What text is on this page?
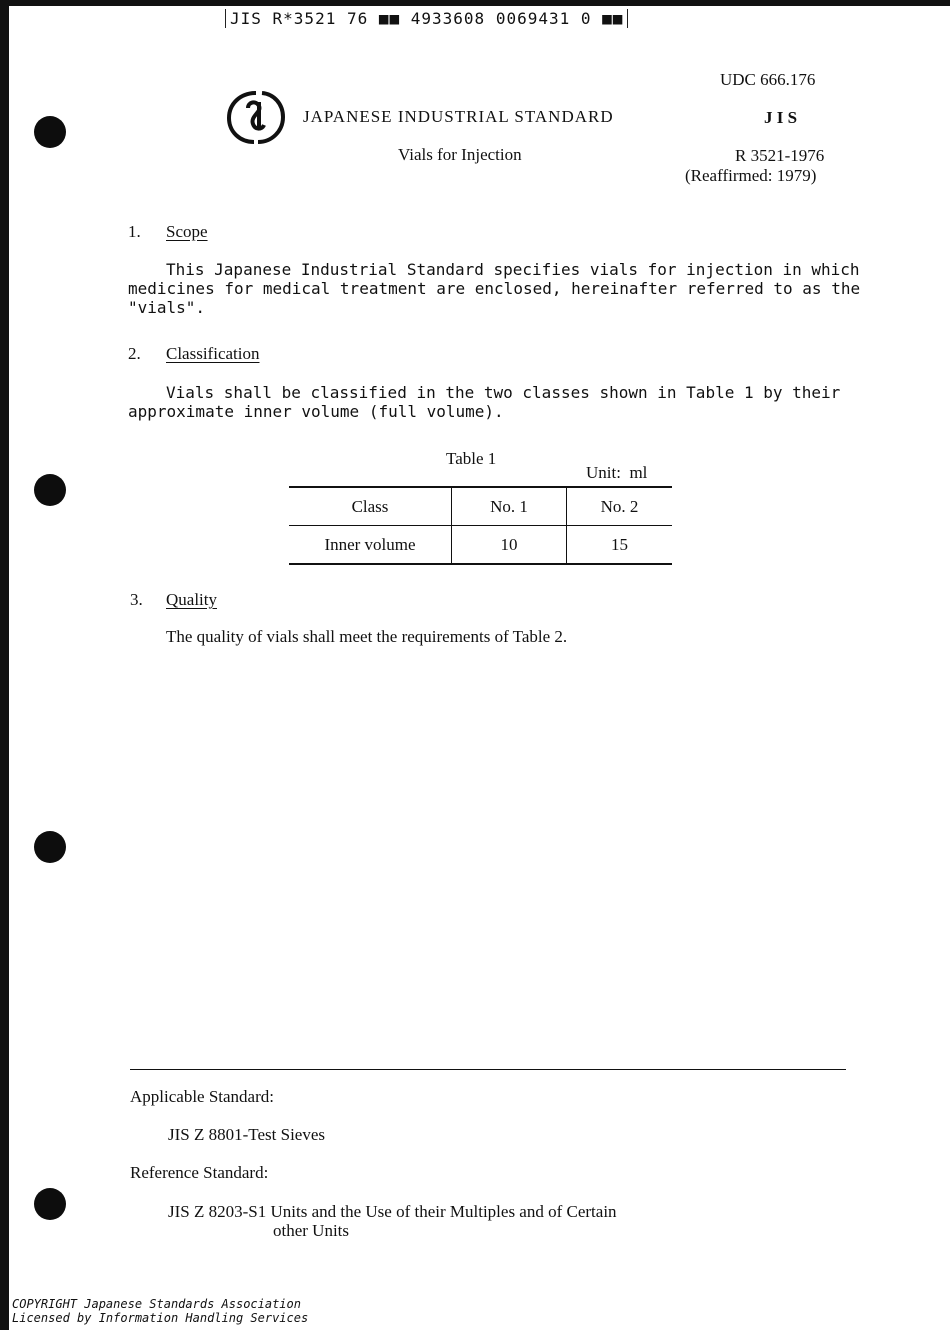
JIS R*3521 76 ■■ 4933608 0069431 0 ■■
UDC 666.176
JAPANESE INDUSTRIAL STANDARD	J I S
Vials for Injection	R 3521-1976
(Reaffirmed: 1979)
1. Scope
This Japanese Industrial Standard specifies vials for injection in which
medicines for medical treatment are enclosed, hereinafter referred to as the
"vials".
2. Classification
Vials shall be classified in the two classes shown in Table 1 by their
approximate inner volume (full volume).
Table 1
Unit:  ml
Class	No. 1	No. 2
Inner volume	10	15
3. Quality
The quality of vials shall meet the requirements of Table 2.
Applicable Standard:
JIS Z 8801-Test Sieves
Reference Standard:
JIS Z 8203-S1 Units and the Use of their Multiples and of Certain
other Units
COPYRIGHT Japanese Standards Association
Licensed by Information Handling Services
